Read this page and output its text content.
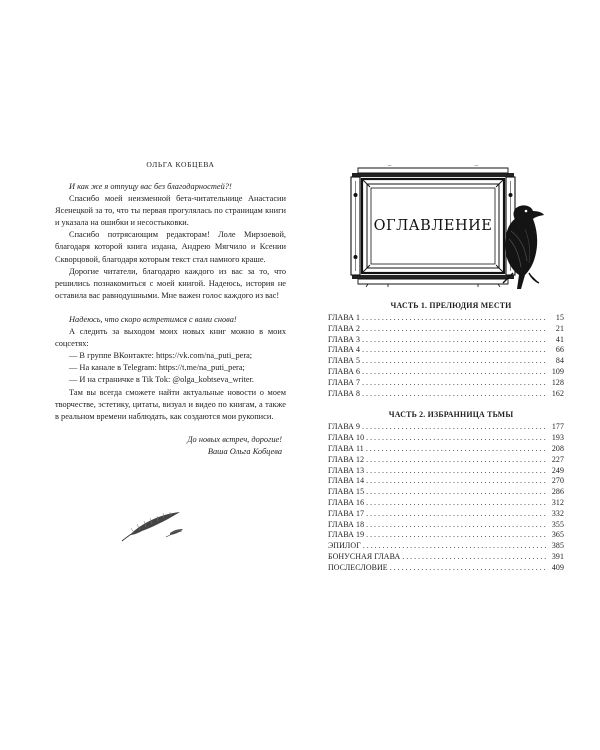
ОЛЬГА КОБЦЕВА

И как же я отпущу вас без благодарностей?!

Спасибо моей неизменной бета-читательнице Анастасии Ясенецкой за то, что ты первая прогулялась по страницам книги и указала на ошибки и несостыковки.

Спасибо потрясающим редакторам! Лоле Мирзоевой, благодаря которой книга издана, Андрею Мягчило и Ксении Скворцовой, благодаря которым текст стал намного краше.

Дорогие читатели, благодарю каждого из вас за то, что решились познакомиться с моей книгой. Надеюсь, история не оставила вас равнодушными. Мне важен голос каждого из вас!

Надеюсь, что скоро встретимся с вами снова!

А следить за выходом моих новых книг можно в моих соцсетях:

— В группе ВКонтакте: https://vk.com/na_puti_pera;

— На канале в Telegram: https://t.me/na_puti_pera;

— И на страничке в Tik Tok: @olga_kobtseva_writer.

Там вы всегда сможете найти актуальные новости о моем творчестве, эстетику, цитаты, визуал и видео по книгам, а также в реальном времени наблюдать, как создаются мои рукописи.

До новых встреч, дорогие!
Ваша Ольга Кобцева
ОГЛАВЛЕНИЕ
ЧАСТЬ 1. ПРЕЛЮДИЯ МЕСТИ
ГЛАВА 1 . . .	15
ГЛАВА 2 . . .	21
ГЛАВА 3 . . .	41
ГЛАВА 4 . . .	66
ГЛАВА 5 . . .	84
ГЛАВА 6 . . .	109
ГЛАВА 7 . . .	128
ГЛАВА 8 . . .	162
ЧАСТЬ 2. ИЗБРАННИЦА ТЬМЫ
ГЛАВА 9 . . .	177
ГЛАВА 10 . . .	193
ГЛАВА 11 . . .	208
ГЛАВА 12 . . .	227
ГЛАВА 13 . . .	249
ГЛАВА 14 . . .	270
ГЛАВА 15 . . .	286
ГЛАВА 16 . . .	312
ГЛАВА 17 . . .	332
ГЛАВА 18 . . .	355
ГЛАВА 19 . . .	365
ЭПИЛОГ . . .	385
БОНУСНАЯ ГЛАВА . . .	391
ПОСЛЕСЛОВИЕ . . .	409
